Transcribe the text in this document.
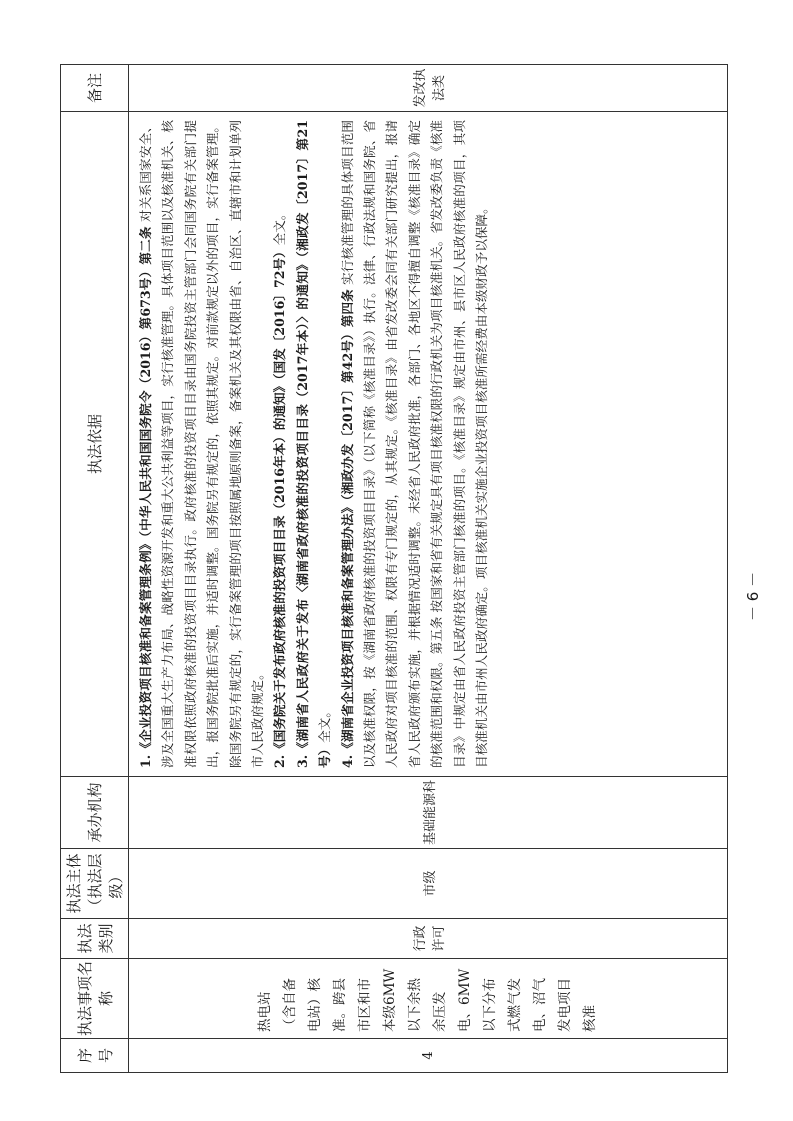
序号	执法事项名称	执法类别	执法主体（执法层级）	承办机构	执法依据	备注
4	热电站（含自备电站）核准。跨县市区和市本级6MW以下余热余压发电、6MW以下分布式燃气发电、沼气发电项目核准	行政许可	市级	基础能源科	1.《企业投资项目核准和备案管理条例》（中华人民共和国国务院令（2016）第673号）第二条 对关系国家安全、涉及全国重大生产力布局、战略性资源开发和重大公共利益等项目，实行核准管理。具体项目范围以及核准机关、核准权限依照政府核准的投资项目目录执行。政府核准的投资项目目录由国务院投资主管部门会同国务院有关部门提出，报国务院批准后实施，并适时调整。国务院另有规定的，依照其规定。对前款规定以外的项目，实行备案管理。除国务院另有规定的，实行备案管理的项目按照属地原则备案，备案机关及其权限由省、自治区、直辖市和计划单列市人民政府规定。 2.《国务院关于发布政府核准的投资项目目录（2016年本）的通知》（国发〔2016〕72号）全文。 3.《湖南省人民政府关于发布〈湖南省政府核准的投资项目目录（2017年本）〉的通知》（湘政发〔2017〕第21号）全文。 4.《湖南省企业投资项目核准和备案管理办法》（湘政办发〔2017〕第42号）第四条 实行核准管理的具体项目范围以及核准权限，按《湖南省政府核准的投资项目目录》（以下简称《核准目录》）执行。法律、行政法规和国务院、省人民政府对项目核准的范围、权限有专门规定的，从其规定。《核准目录》由省发改委会同有关部门研究提出，报请省人民政府颁布实施，并根据情况适时调整。未经省人民政府批准，各部门、各地区不得擅自调整《核准目录》确定的核准范围和权限。第五条 按国家和省有关规定具有项目核准权限的行政机关为项目核准机关。省发改委负责《核准目录》中规定由省人民政府投资主管部门核准的项目。《核准目录》规定由市州、县市区人民政府核准的项目，其项目核准机关由市州人民政府确定。项目核准机关实施企业投资项目核准所需经费由本级财政予以保障。	发改执法类
－ 6 －
